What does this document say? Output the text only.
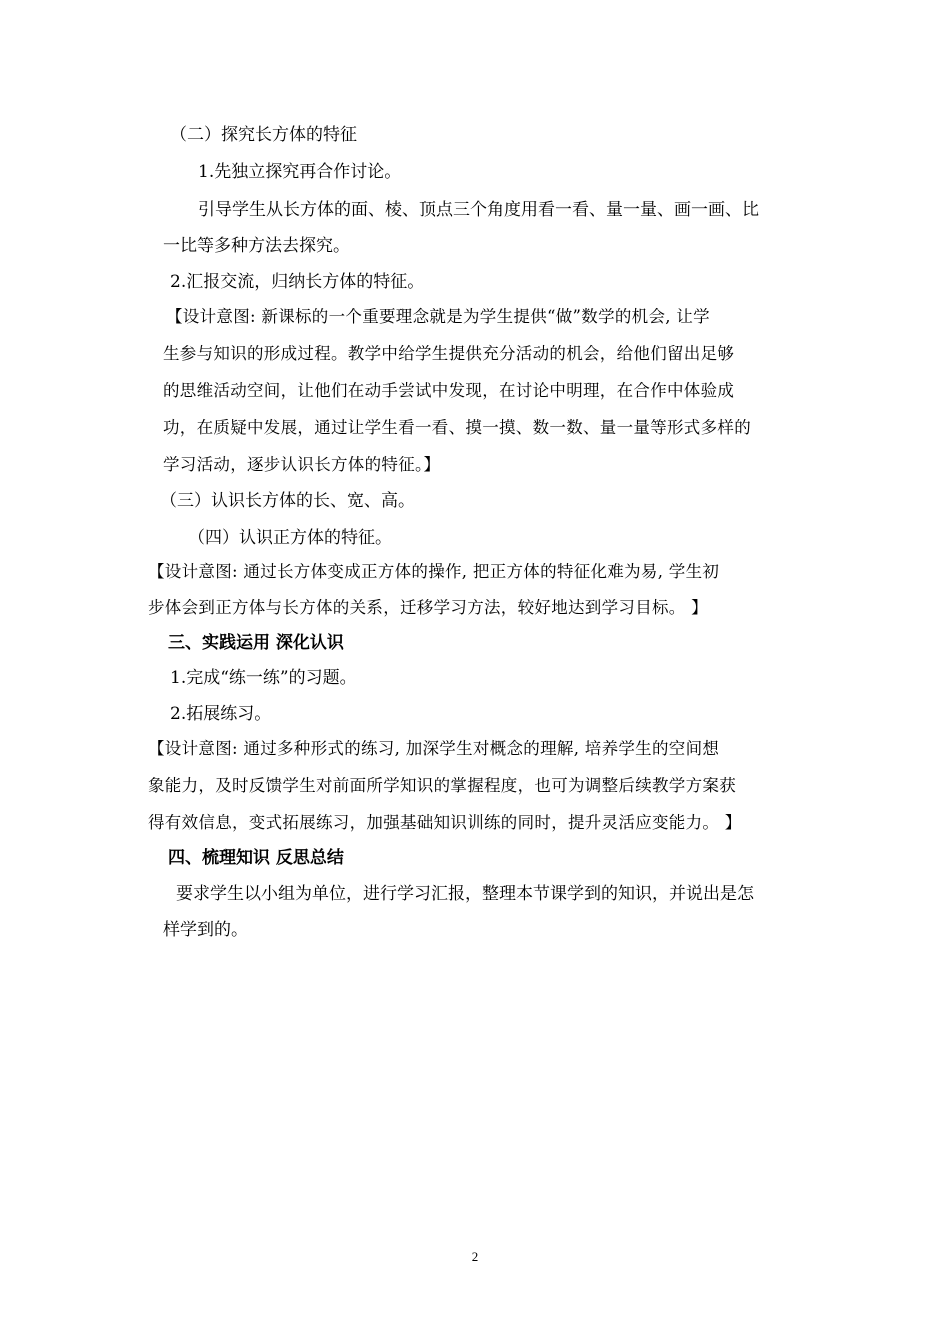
（二）探究长方体的特征
1.先独立探究再合作讨论。
引导学生从长方体的面、棱、顶点三个角度用看一看、量一量、画一画、比
一比等多种方法去探究。
2.汇报交流，归纳长方体的特征。
【设计意图: 新课标的一个重要理念就是为学生提供“做”数学的机会, 让学
生参与知识的形成过程。教学中给学生提供充分活动的机会，给他们留出足够
的思维活动空间，让他们在动手尝试中发现，在讨论中明理，在合作中体验成
功，在质疑中发展，通过让学生看一看、摸一摸、数一数、量一量等形式多样的
学习活动，逐步认识长方体的特征。】
（三）认识长方体的长、宽、高。
（四）认识正方体的特征。
【设计意图: 通过长方体变成正方体的操作, 把正方体的特征化难为易, 学生初
步体会到正方体与长方体的关系，迁移学习方法，较好地达到学习目标。 】
三、实践运用 深化认识
1.完成“练一练”的习题。
2.拓展练习。
【设计意图: 通过多种形式的练习, 加深学生对概念的理解, 培养学生的空间想
象能力，及时反馈学生对前面所学知识的掌握程度，也可为调整后续教学方案获
得有效信息，变式拓展练习，加强基础知识训练的同时，提升灵活应变能力。 】
四、梳理知识 反思总结
要求学生以小组为单位，进行学习汇报，整理本节课学到的知识，并说出是怎
样学到的。
2
